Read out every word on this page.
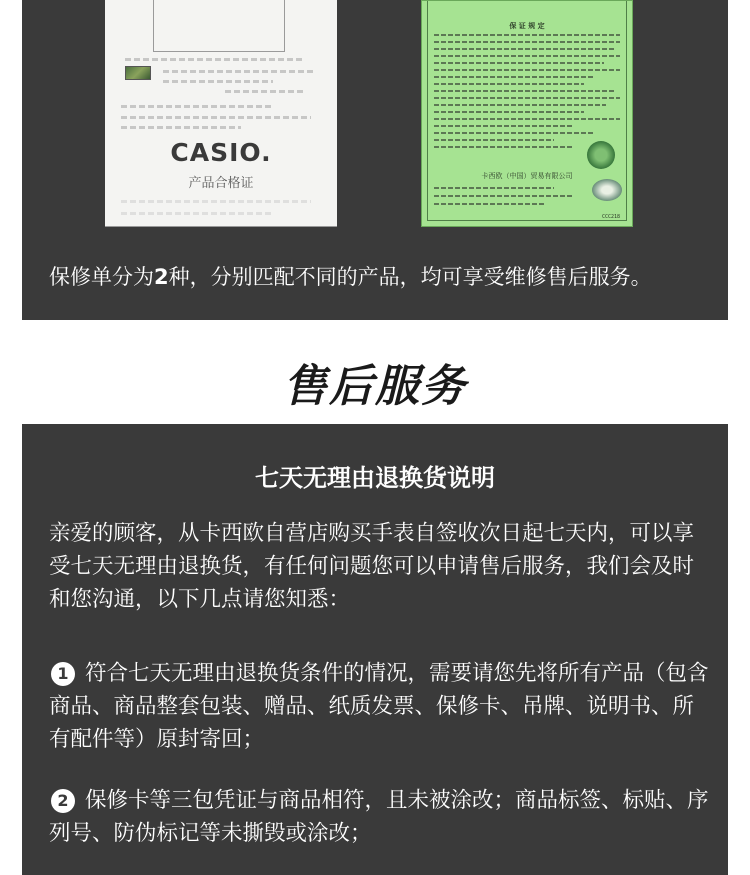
CASIO.
产品合格证
保 证 规 定
卡西欧（中国）贸易有限公司
CCC218
保修单分为2种，分别匹配不同的产品，均可享受维修售后服务。
售后服务
七天无理由退换货说明
亲爱的顾客，从卡西欧自营店购买手表自签收次日起七天内，可以享受七天无理由退换货，有任何问题您可以申请售后服务，我们会及时和您沟通，以下几点请您知悉：
1 符合七天无理由退换货条件的情况，需要请您先将所有产品（包含商品、商品整套包装、赠品、纸质发票、保修卡、吊牌、说明书、所有配件等）原封寄回；
2 保修卡等三包凭证与商品相符，且未被涂改；商品标签、标贴、序列号、防伪标记等未撕毁或涂改；
